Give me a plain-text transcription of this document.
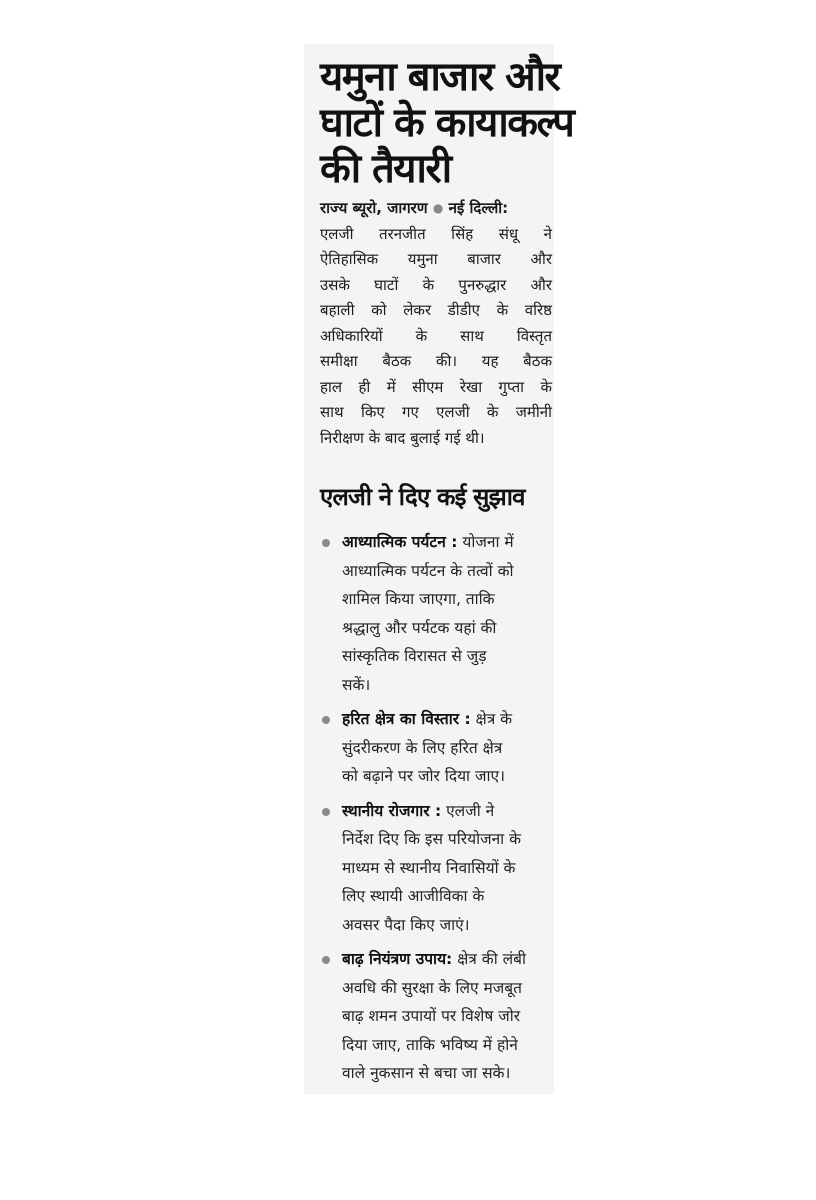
यमुना बाजार और
घाटों के कायाकल्प
की तैयारी
राज्य ब्यूरो, जागरण ● नई दिल्ली:
एलजी तरनजीत सिंह संधू ने
ऐतिहासिक यमुना बाजार और
उसके घाटों के पुनरुद्धार और
बहाली को लेकर डीडीए के वरिष्ठ
अधिकारियों के साथ विस्तृत
समीक्षा बैठक की। यह बैठक
हाल ही में सीएम रेखा गुप्ता के
साथ किए गए एलजी के जमीनी
निरीक्षण के बाद बुलाई गई थी।
एलजी ने दिए कई सुझाव
आध्यात्मिक पर्यटन : योजना में
आध्यात्मिक पर्यटन के तत्वों को
शामिल किया जाएगा, ताकि
श्रद्धालु और पर्यटक यहां की
सांस्कृतिक विरासत से जुड़
सकें।
हरित क्षेत्र का विस्तार : क्षेत्र के
सुंदरीकरण के लिए हरित क्षेत्र
को बढ़ाने पर जोर दिया जाए।
स्थानीय रोजगार : एलजी ने
निर्देश दिए कि इस परियोजना के
माध्यम से स्थानीय निवासियों के
लिए स्थायी आजीविका के
अवसर पैदा किए जाएं।
बाढ़ नियंत्रण उपाय: क्षेत्र की लंबी
अवधि की सुरक्षा के लिए मजबूत
बाढ़ शमन उपायों पर विशेष जोर
दिया जाए, ताकि भविष्य में होने
वाले नुकसान से बचा जा सके।
